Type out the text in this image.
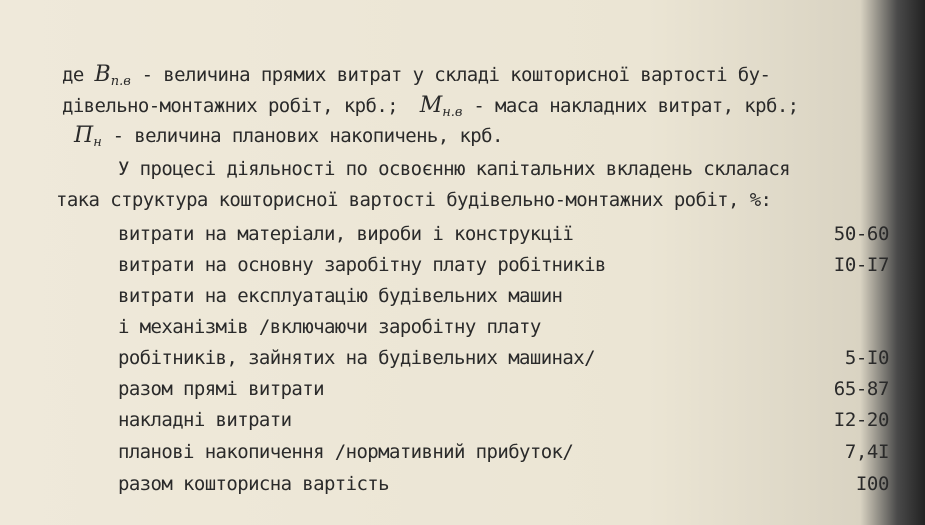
де $В_{п.в}$ - величина прямих витрат у складі кошторисної вартості бу-
дівельно-монтажних робіт, крб.;  $М_{н.в}$ - маса накладних витрат, крб.;
$П_н$ - величина планових накопичень, крб.
У процесі діяльності по освоєнню капітальних вкладень склалася
така структура кошторисної вартості будівельно-монтажних робіт, %:
витрати на матеріали, вироби і конструкції	50-60
витрати на основну заробітну плату робітників	I0-I7
витрати на експлуатацію будівельних машин
і механізмів /включаючи заробітну плату
робітників, зайнятих на будівельних машинах/	5-I0
разом прямі витрати	65-87
накладні витрати	I2-20
планові накопичення /нормативний прибуток/	7,4I
разом кошторисна вартість	I00
